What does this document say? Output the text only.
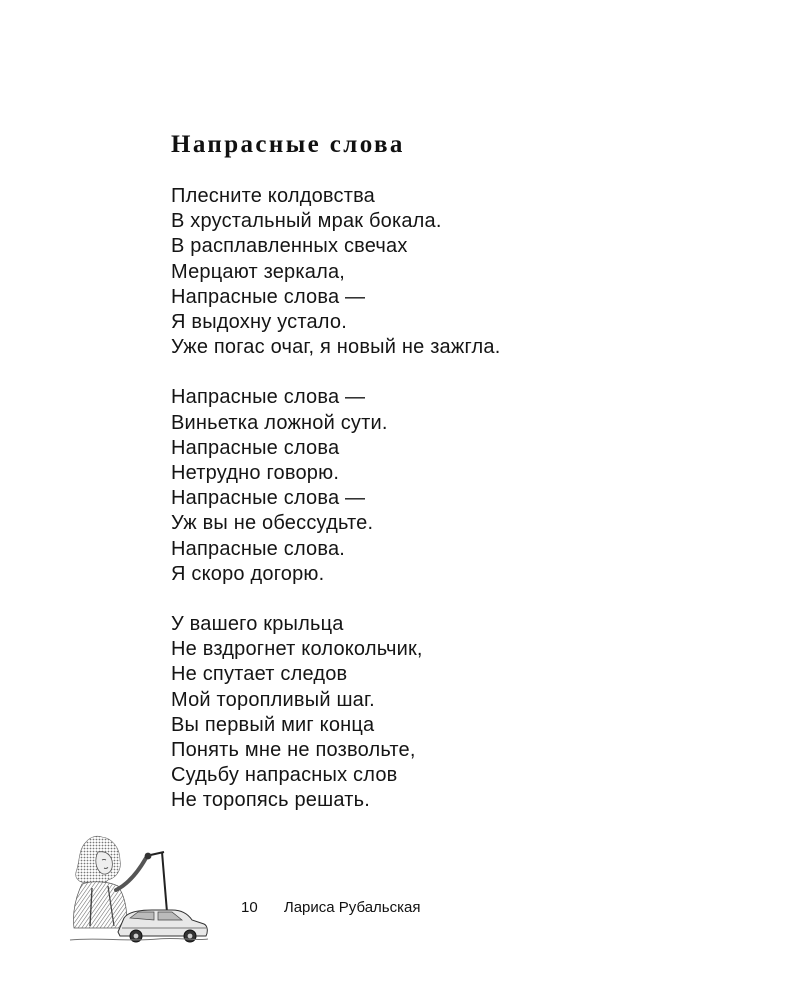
Напрасные слова
Плесните колдовства
В хрустальный мрак бокала.
В расплавленных свечах
Мерцают зеркала,
Напрасные слова —
Я выдохну устало.
Уже погас очаг, я новый не зажгла.
Напрасные слова —
Виньетка ложной сути.
Напрасные слова
Нетрудно говорю.
Напрасные слова —
Уж вы не обессудьте.
Напрасные слова.
Я скоро догорю.
У вашего крыльца
Не вздрогнет колокольчик,
Не спутает следов
Мой торопливый шаг.
Вы первый миг конца
Понять мне не позвольте,
Судьбу напрасных слов
Не торопясь решать.
10 Лариса Рубальская
